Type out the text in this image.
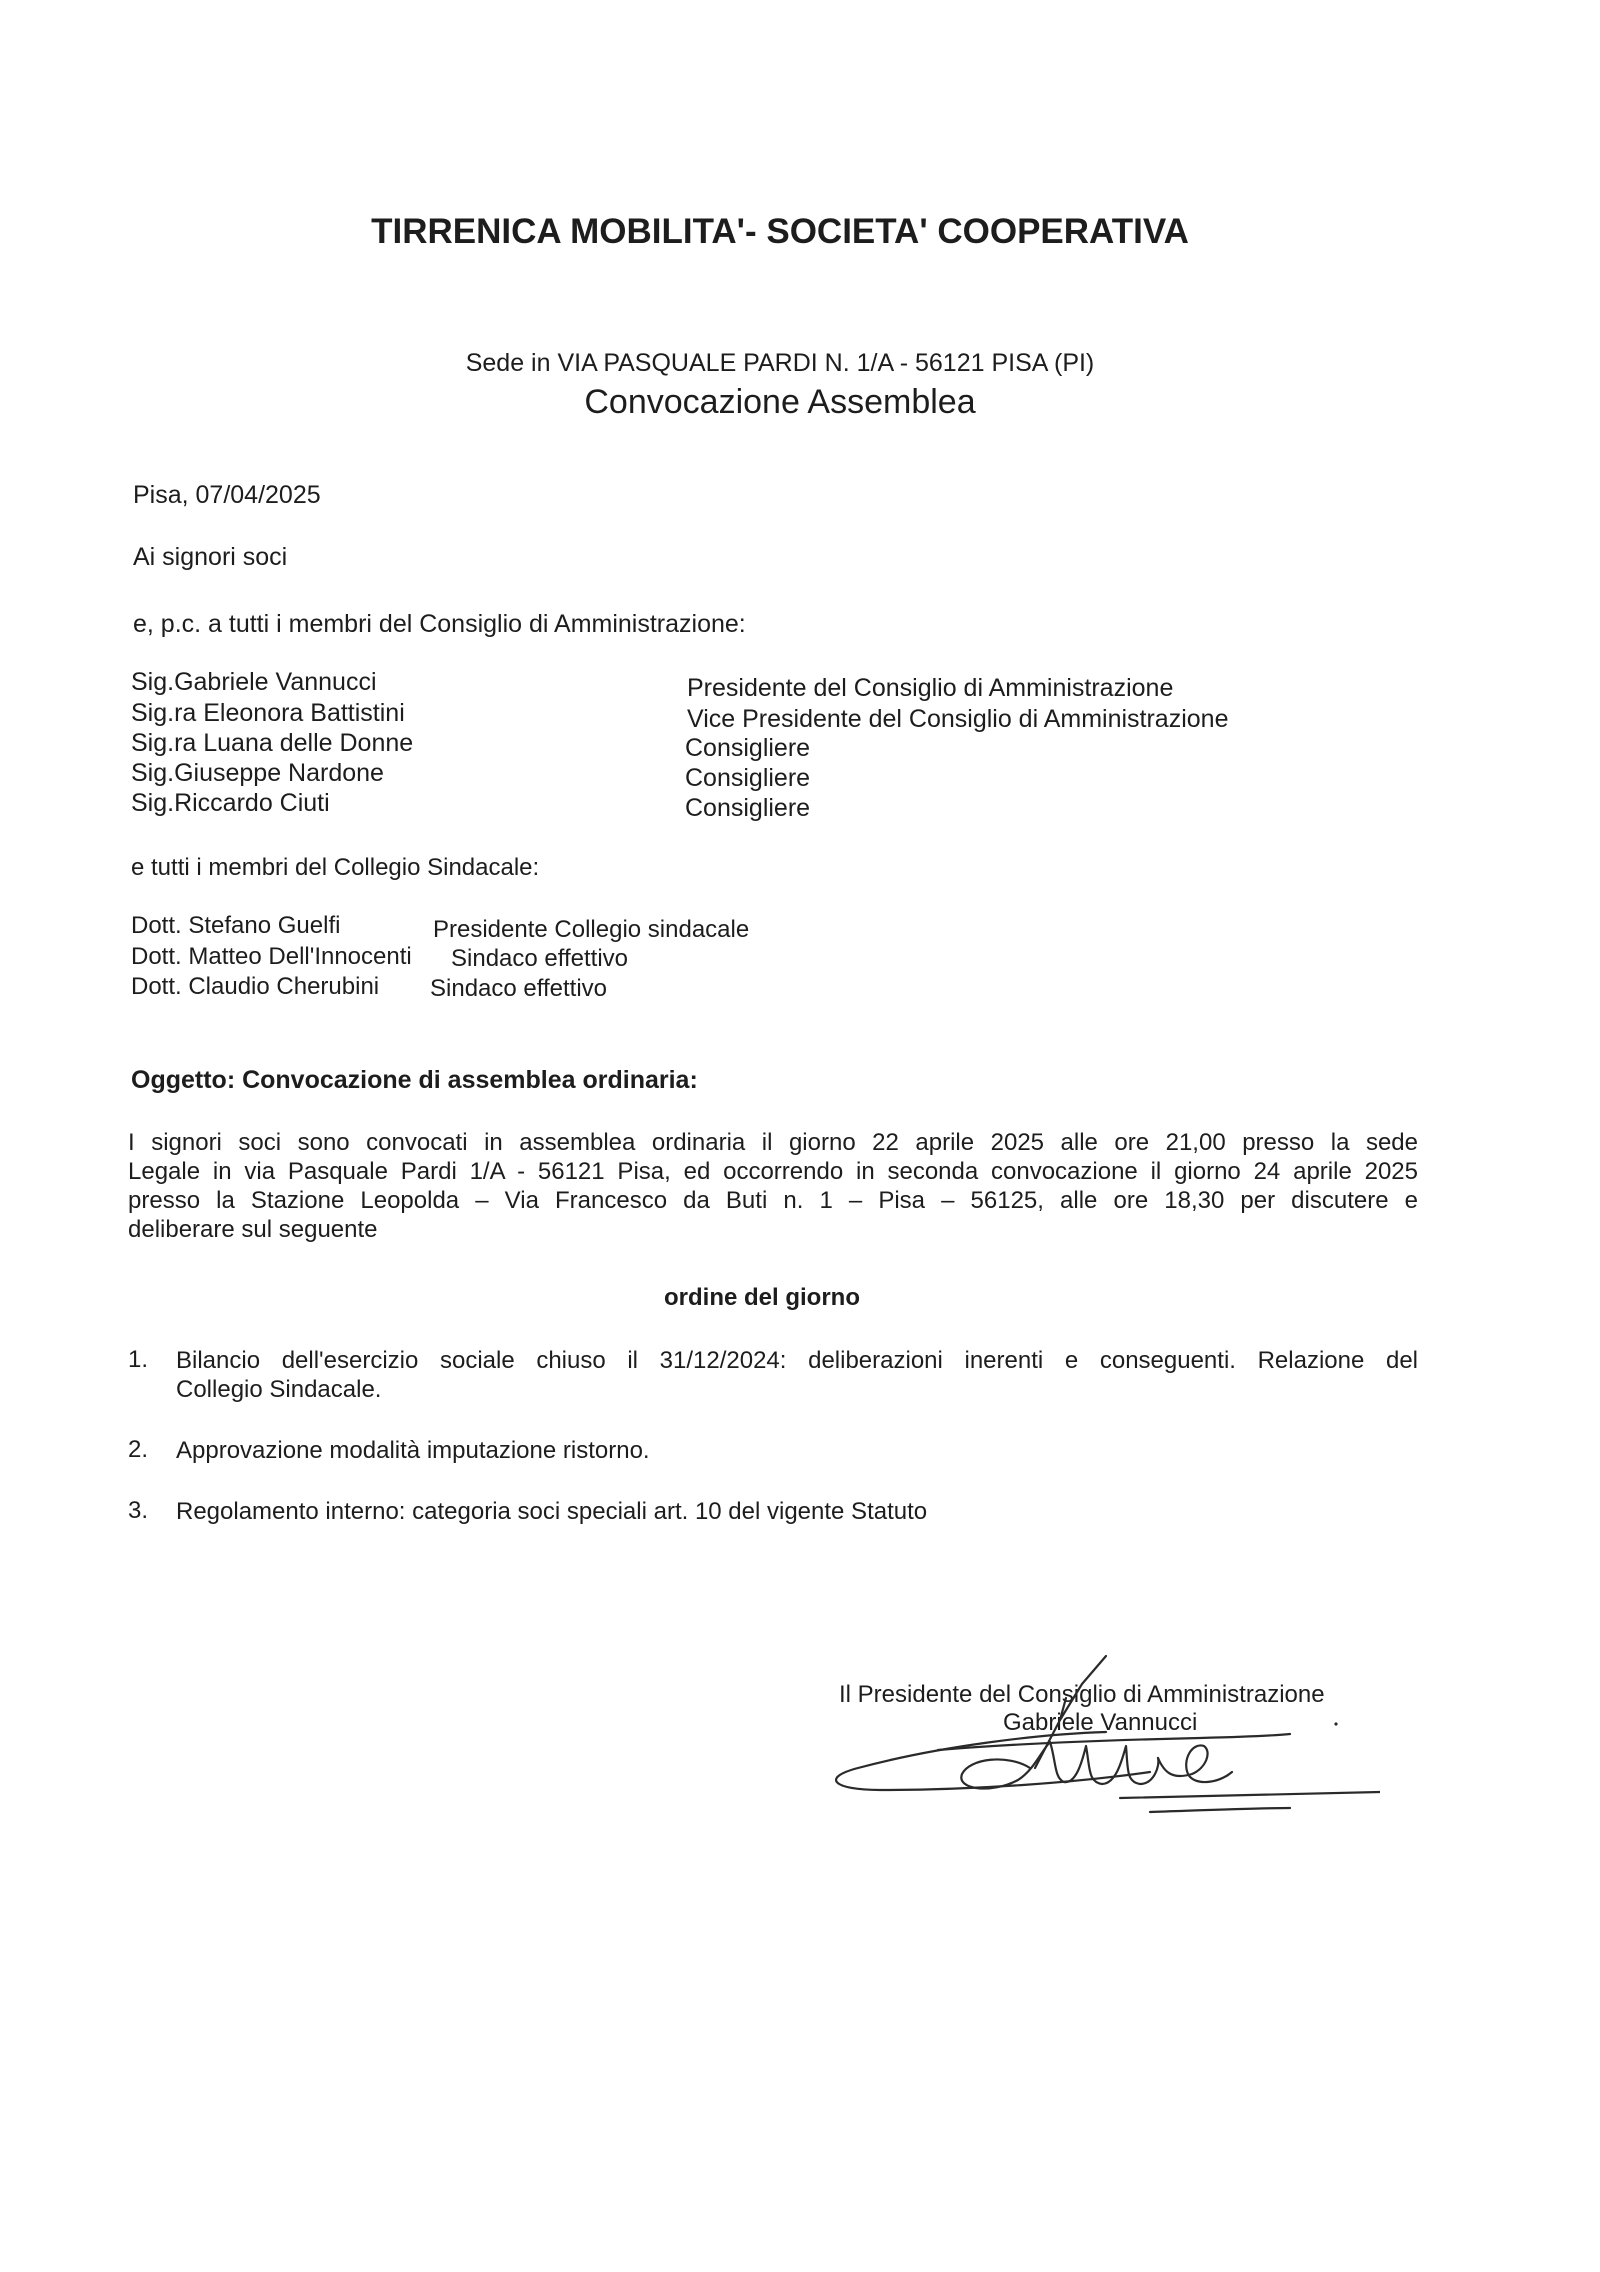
TIRRENICA MOBILITA'- SOCIETA' COOPERATIVA
Sede in VIA PASQUALE PARDI N. 1/A - 56121 PISA (PI)
Convocazione Assemblea
Pisa, 07/04/2025
Ai signori soci
e, p.c. a tutti i membri del Consiglio di Amministrazione:
Sig.Gabriele Vannucci	Presidente del Consiglio di Amministrazione
Sig.ra Eleonora Battistini	Vice Presidente del Consiglio di Amministrazione
Sig.ra Luana delle Donne	Consigliere
Sig.Giuseppe Nardone	Consigliere
Sig.Riccardo Ciuti	Consigliere
e tutti i membri del Collegio Sindacale:
Dott. Stefano Guelfi	Presidente Collegio sindacale
Dott. Matteo Dell'Innocenti Sindaco effettivo
Dott. Claudio Cherubini Sindaco effettivo
Oggetto: Convocazione di assemblea ordinaria:
I signori soci sono convocati in assemblea ordinaria il giorno 22 aprile 2025 alle ore 21,00 presso la sede
Legale in via Pasquale Pardi 1/A - 56121 Pisa, ed occorrendo in seconda convocazione il giorno 24 aprile 2025
presso la Stazione Leopolda – Via Francesco da Buti n. 1 – Pisa – 56125, alle ore 18,30 per discutere e
deliberare sul seguente
ordine del giorno
1. Bilancio dell'esercizio sociale chiuso il 31/12/2024: deliberazioni inerenti e conseguenti. Relazione del
Collegio Sindacale.
2. Approvazione modalità imputazione ristorno.
3. Regolamento interno: categoria soci speciali art. 10 del vigente Statuto
Il Presidente del Consiglio di Amministrazione
Gabriele Vannucci
